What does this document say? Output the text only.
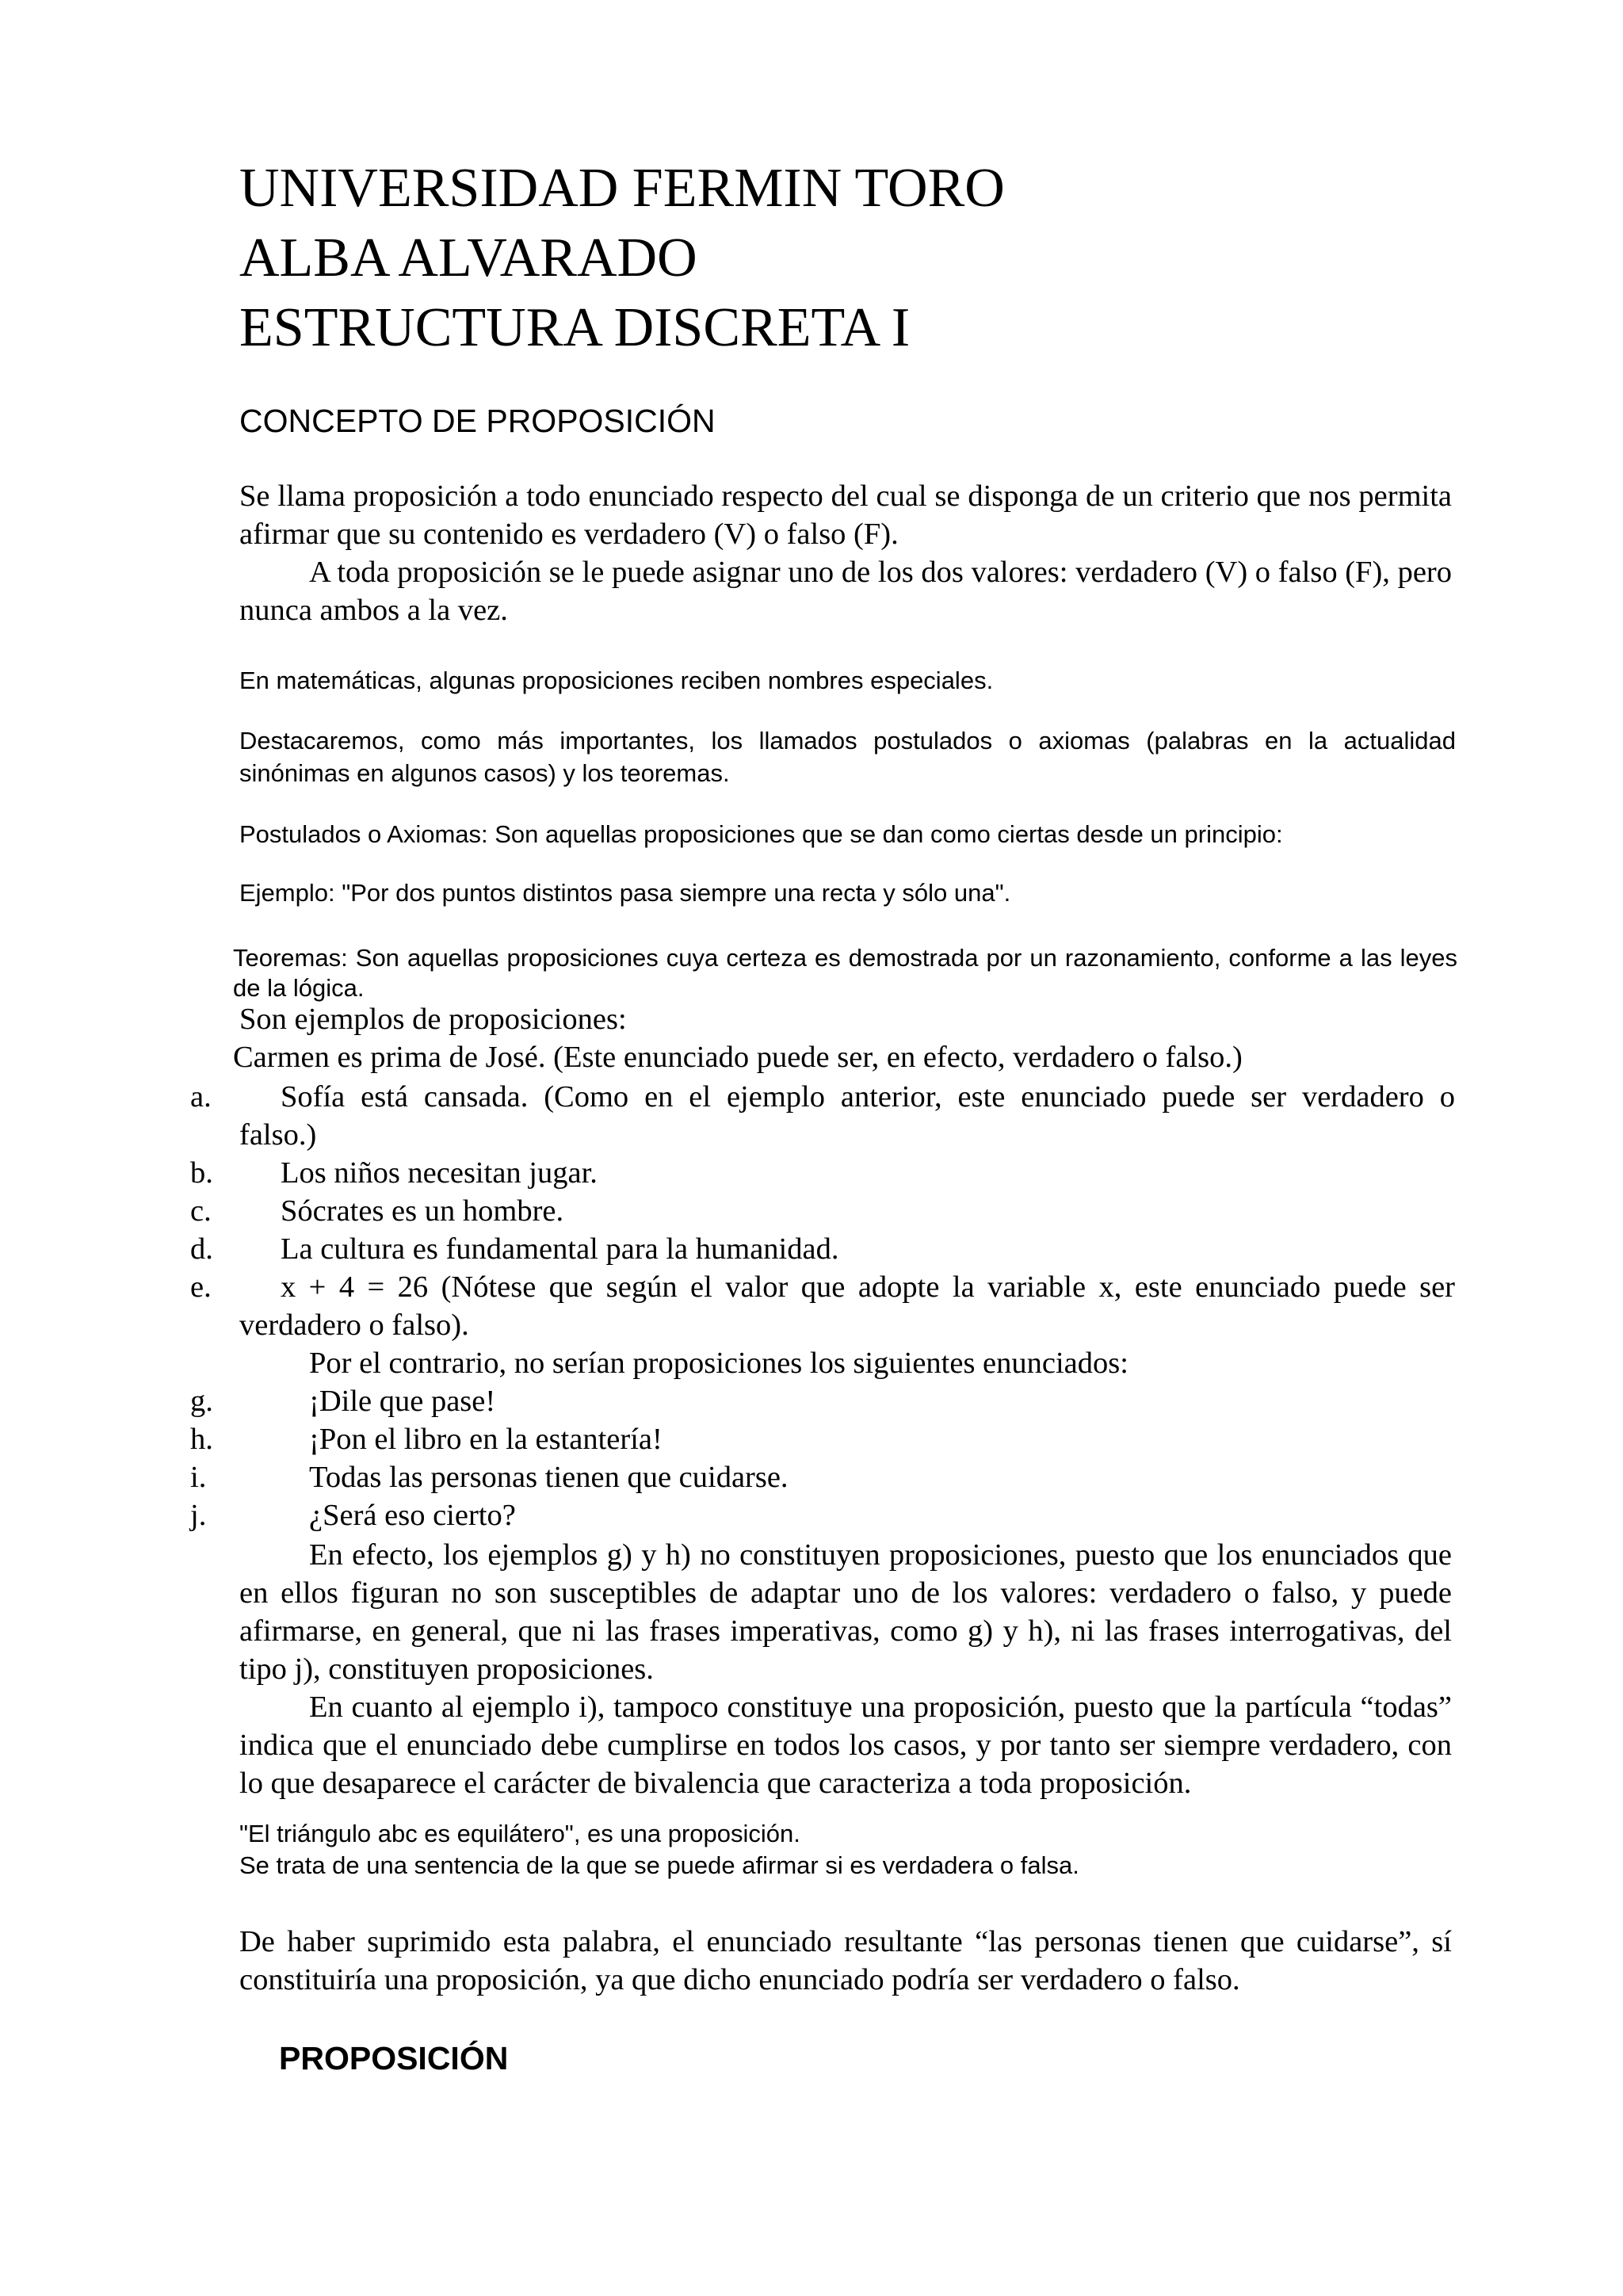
UNIVERSIDAD FERMIN TORO
ALBA ALVARADO
ESTRUCTURA DISCRETA I
CONCEPTO DE PROPOSICIÓN

Se llama proposición a todo enunciado respecto del cual se disponga de un criterio que nos permita afirmar que su contenido es verdadero (V) o falso (F).

A toda proposición se le puede asignar uno de los dos valores: verdadero (V) o falso (F), pero nunca ambos a la vez.

En matemáticas, algunas proposiciones reciben nombres especiales.

Destacaremos, como más importantes, los llamados postulados o axiomas (palabras en la actualidad sinónimas en algunos casos) y los teoremas.

Postulados o Axiomas: Son aquellas proposiciones que se dan como ciertas desde un principio:

Ejemplo: "Por dos puntos distintos pasa siempre una recta y sólo una".

Teoremas: Son aquellas proposiciones cuya certeza es demostrada por un razonamiento, conforme a las leyes de la lógica.

Son ejemplos de proposiciones:
Carmen es prima de José. (Este enunciado puede ser, en efecto, verdadero o falso.)
a. Sofía está cansada. (Como en el ejemplo anterior, este enunciado puede ser verdadero o
falso.)
b. Los niños necesitan jugar.
c. Sócrates es un hombre.
d. La cultura es fundamental para la humanidad.
e. x + 4 = 26 (Nótese que según el valor que adopte la variable x, este enunciado puede ser
verdadero o falso).
Por el contrario, no serían proposiciones los siguientes enunciados:
g.	¡Dile que pase!
h.	¡Pon el libro en la estantería!
i.	Todas las personas tienen que cuidarse.
j.	¿Será eso cierto?

En efecto, los ejemplos g) y h) no constituyen proposiciones, puesto que los enunciados que en ellos figuran no son susceptibles de adaptar uno de los valores: verdadero o falso, y puede afirmarse, en general, que ni las frases imperativas, como g) y h), ni las frases interrogativas, del tipo j), constituyen proposiciones.

En cuanto al ejemplo i), tampoco constituye una proposición, puesto que la partícula “todas” indica que el enunciado debe cumplirse en todos los casos, y por tanto ser siempre verdadero, con lo que desaparece el carácter de bivalencia que caracteriza a toda proposición.

"El triángulo abc es equilátero", es una proposición.
Se trata de una sentencia de la que se puede afirmar si es verdadera o falsa.

De haber suprimido esta palabra, el enunciado resultante “las personas tienen que cuidarse”, sí constituiría una proposición, ya que dicho enunciado podría ser verdadero o falso.

PROPOSICIÓN
